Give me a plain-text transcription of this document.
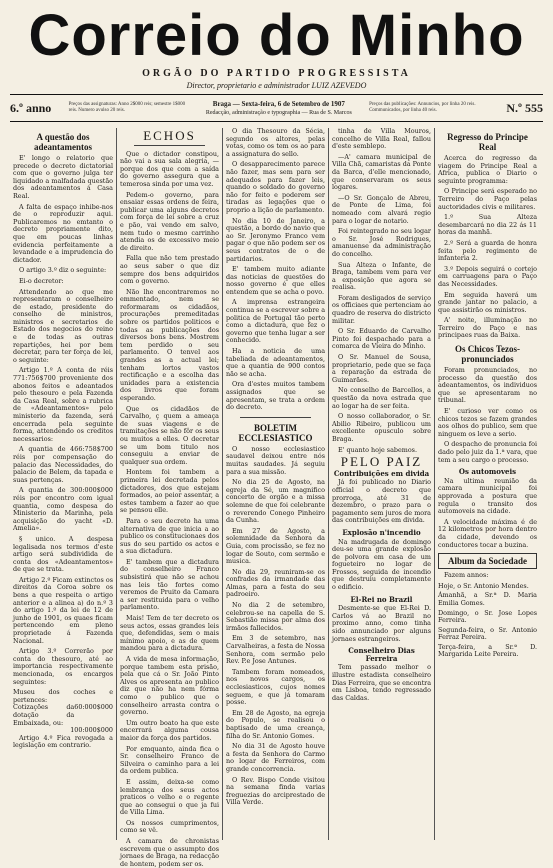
Correio do Minho
ORGÃO DO PARTIDO PROGRESSISTA
Director, proprietario e administrador LUIZ AZEVEDO
6.º anno	Preços das assignaturas: Anno 2$000 reis; semestre 1$000 reis. Numero avulso 20 reis.
Braga — Sexta-feira, 6 de Setembro de 1907
Redacção, administração e typographia — Rua de S. Marcos
Preços das publicações: Annuncios, por linha 20 reis. Communicados, por linha 40 reis.	N.º 555
A questão dos adeantamentos

E' longo o relatorio que precede o decreto dictatorial com que o governo julga ter liquidado a malfadada questão dos adeantamentos á Casa Real.

A falta de espaço inhibe-nos de o reproduzir aqui. Publicaremos no emtanto o decreto propriamente dito, que em poucas linhas evidencia perfeitamente a levandade e a imprudencia do dictador.

O artigo 3.º diz o seguinte:

Ei-o decretor:

Attendendo ao que me representaram o conselheiro de estado, presidente do conselho de ministros, ministros e secretarios de Estado dos negocios do reino e de todas as outras repartições, hei por bem decretar, para ter força de lei, o seguinte:

Artigo 1.º A conta de réis 771:756$700 proveniente dos abonos feitos e adeantados pelo thesouro e pela Fazenda da Casa Real, sobre a rubrica de «Adeantamentos» pelo ministerio da fazenda, será encerrada pela seguinte forma, attendendo os creditos necessarios:

A quantia de 466:758$700 réis por compensação do palacio das Necessidades, do palacio de Belem, da tapada e suas pertenças.

A quantia de 300:000$000 réis por encontro com igual quantia, como despesa do Ministerio da Marinha, pela acquisição do yacht «D. Amelia».

§ unico. A despesa legalisada nos termos d'este artigo será subdividida de conta dos «Adeantamentos» de que se trata.

Artigo 2.º Ficam extinctos os direitos da Coroa sobre os bens a que respeita o artigo anterior e a alinea a) do n.º 3 do artigo 1.º da lei de 12 de junho de 1901, os quaes ficam pertencendo em pleno proprietade á Fazenda Nacional.

Artigo 3.º Correrão por conta do thesouro, até ao importancia respectivamente mencionada, os encargos seguintes:

Museu dos coches e pertences:
Cotizações da dotação da Embaixada, ou:
60:000$000
100:000$000

Artigo 4.º Fica revogada a legislação em contrario.

ECHOS

Que o dictador constipou, não vai a sua sala alegria, — porque dos que com a saída do governo assegura que a temerosa sinda por uma vez.

Pedem-o governo, para ensaiar essas ordens de feira, publicar uma alguns decretos com força de lei sobre a cruz e pão, vai vendo em salvo, nem tudo o mesmo carrinho atendia os de excessivo meio de direito.

Falla que não tem prestado ao seus saber o que diz sempre dos bens adquiridos com o governo.

Não lhe encontraremos no emmentado, nem se reformaram os cidadãos, procurações premeditadas sobre os partidos politicos e todas as publicações dos diversos bons bens. Mostrem tem perdido o seu parlamento. O tenvel aos grandes as a actual lei; tenham lortos vastos rectificação e a escolha das unidades para a existencia dos livros que foram esperando.

Que os cidadãos de Carvalho, ç quem a ameaça de suas viagens e de tramitações se não fôr os seus ou muitos a elles. O decretar se um bom titulo nos conseguiu a enviar de qualquer sua ordem.

Hontem foi tambem a primeira lei decretada pelos dictadores, dos que estejam formados, ao peior assentar, a estes tambem a fazer ao que se pensou elle.

Para o seu decreto ha uma alternativa de que inicia a ao publico os constitucionaes dos sus do seu partido os actos e a sua dictadura.

E' tambem que a dictadura do conselheiro Franco subsistirá que não se achou nas leis tão fortes como veremos de Pruito da Camara a ser restituida para o velho parlamento.

Mais! Tem de ter decreto os seus actos, essas grandes leis que, defendidas, sem o mais mínimo apoio, e as de quem mandou para a dictadura.

A vida de mesa informação, porque tambem esta prisão, pela que cá o Sr. João Pinto Alves os apresenta ao publico diz que não ha nem fórma como o publico que o conselheiro arrasta contra o governo.

Um outro boato ha que este encerrará alguma cousa maior da força dos partidos.

Por emquanto, ainda fica o Sr. conselheiro Franco de Silveira o caminho para a lei da ordem publica.

E assim, deixa-se como lembrança dos seus actos praticos o velho e o regente que ao consegui o que ja fui de Villa Lima.

Os nossos cumprimentos, como se vê.

A camara de chronistas escrevem que o assumpto dos jornaes de Braga, na redacção de hontem, podem ser os.

O dia Thesouro da Sécia, segundo os altores, pelas votas, como os tem os ao para a assignatura do sello.

O desapparecimento parece não fazer, mas sem para ser adequados para fazer leis, quando o soldado do governo não for feito e poderem ser tiradas as legações que o proprio a lição de parlamento.

No dia 10 de Janeiro, a questão, a bordo do navio que ao Sr. Jeronymo Franco vem pagar o que não podem ser os seus contratos de o de partidarios.

E' tambem muito adiante das noticias de questões do nosso governo é que elles entendem que se acha o povo.

A imprensa estrangeira continua se a escrever sobre a politica de Portugal tão perto como a dictadura, que fez o governo que tenha lugar a ser conhecido.

Ha a noticia de uma tabeliada de adeantamentos, que a quantia de 900 contos não se acha.

Ora d'estes muitos tambem assignados que se apresentam, se trata a ordem do decreto.

BOLETIM ECCLESIASTICO

O nosso ecclesiastico saudavel deixou entre nós muitas saudades. Já seguiu para a sua missão.

No dia 25 de Agosto, na egreja da Sé, um magnifico concerto de orgão e a missa solemne de que foi celebrante o reverendo Conego Pinheiro da Cunha.

Em 27 de Agosto, a solemnidade da Senhora da Guia, com procissão, se fez no logar de Souto, com sermão e musica.

No dia 29, reuniram-se os confrades da irmandade das Almas, para a festa do seu padroeiro.

No dia 2 de setembro, celebrou-se na capella de S. Sebastião missa por alma dos irmãos fallecidos.

Em 3 de setembro, nas Carvalheiras, a festa de Nossa Senhora, com sermão pelo Rev. P.e Jose Antunes.

Tambem foram nomeados, nos novos cargos, os ecclesiasticos, cujos nomes seguem, e que já tomaram posse.

Em 28 de Agosto, na egreja do Populo, se realisou o baptisado de uma creança, filha do Sr. Antonio Gomes.

No dia 31 de Agosto houve a festa da Senhora do Carmo no logar de Ferreiros, com grande concorrencia.

O Rev. Bispo Conde visitou na semana finda varias freguezias do arciprestado de Villa Verde.

tinha de Villa Mouros, concelho de Villa Real, fallou d'este semblepo.

—A' camara municipal de Villa Chã, camaristas da Ponte da Barca, d'elle mencionado, que conservaram os seus logares.

—O Sr. Gonçalo de Abreu, de Ponte de Lima, foi nomeado com alvará regio para o logar de notario.

Foi reintegrado no seu logar o Sr. José Rodrigues, amanuense da administração do concelho.

Sua Alteza o Infante, de Braga, tambem vem para ver a exposição que agora se realisa.

Foram desligados de serviço os officiaes que pertenciam ao quadro de reserva do districto militar.

O Sr. Eduardo de Carvalho Pinto foi despachado para a comarca de Vieira do Minho.

O Sr. Manuel de Sousa, proprietario, pede que se faça a reparação da estrada de Guimarães.

No conselho de Barcellos, a questão da nova estrada que ao logar ha de ser feita.

O nosso collaborador, o Sr. Abilio Ribeiro, publicou um excellente opusculo sobre Braga.

E' quanto hoje sabemos.

PELO PAIZ
Contribuições em divida

Já foi publicado no Diario official o decreto que prorroga, até 31 de dezembro, o prazo para o pagamento sem juros de mora das contribuições em divida.

Explosão n'incendio

Na madrugada de domingo deu-se uma grande explosão de polvora em casa de um fogueteiro no logar de Frossos, seguida de incendio que destruiu completamente o edificio.

El-Rei no Brazil

Desmente-se que El-Rei D. Carlos vá ao Brazil no proximo anno, como tinha sido annunciado por alguns jornaes estrangeiros.

Conselheiro Dias Ferreira

Tem passado melhor o illustre estadista conselheiro Dias Ferreira, que se encontra em Lisboa, tendo regressado das Caldas.

Regresso do Principe Real

Acerca do regresso da viagem do Principe Real a Africa, publica o Diario o seguinte programma:

O Principe será esperado no Terreiro do Paço pelas auctoridades civis e militares.

1.º Sua Alteza desembarcará no dia 22 ás 11 horas da manhã.

2.º Será a guarda de honra feita pelo regimento de infanteria 2.

3.º Depois seguirá o cortejo em carruagens para o Paço das Necessidades.

Em seguida haverá um grande jantar no palacio, a que assistirão os ministros.

A' noite, illuminação no Terreiro do Paço e nas principaes ruas da Baixa.

Os Chicos Tezos-pronunciados

Foram pronunciados, no processo da questão dos adeantamentos, os individuos que se apresentaram no tribunal.

E' curioso ver como os chicos tezos se fazem grandes aos olhos do publico, sem que ninguem os leve a serio.

O despacho de pronuncia foi dado pelo juiz da 1.ª vara, que tem a seu cargo o processo.

Os automoveis

Na ultima reunião da camara municipal foi approvada a postura que regula o transito dos automoveis na cidade.

A velocidade máxima é de 12 kilometros por hora dentro da cidade, devendo os conductores tocar a buzina.

Album da Sociedade

Fazem annos:

Hoje, o Sr. Antonio Mendes.
Ámanhã, a Sr.ª D. Maria Emilia Gomes.
Domingo, o Sr. Jose Lopes Ferreira.
Segunda-feira, o Sr. Antonio Ferraz Pereira.
Terça-feira, a Sr.ª D. Margarida Leite Pereira.
